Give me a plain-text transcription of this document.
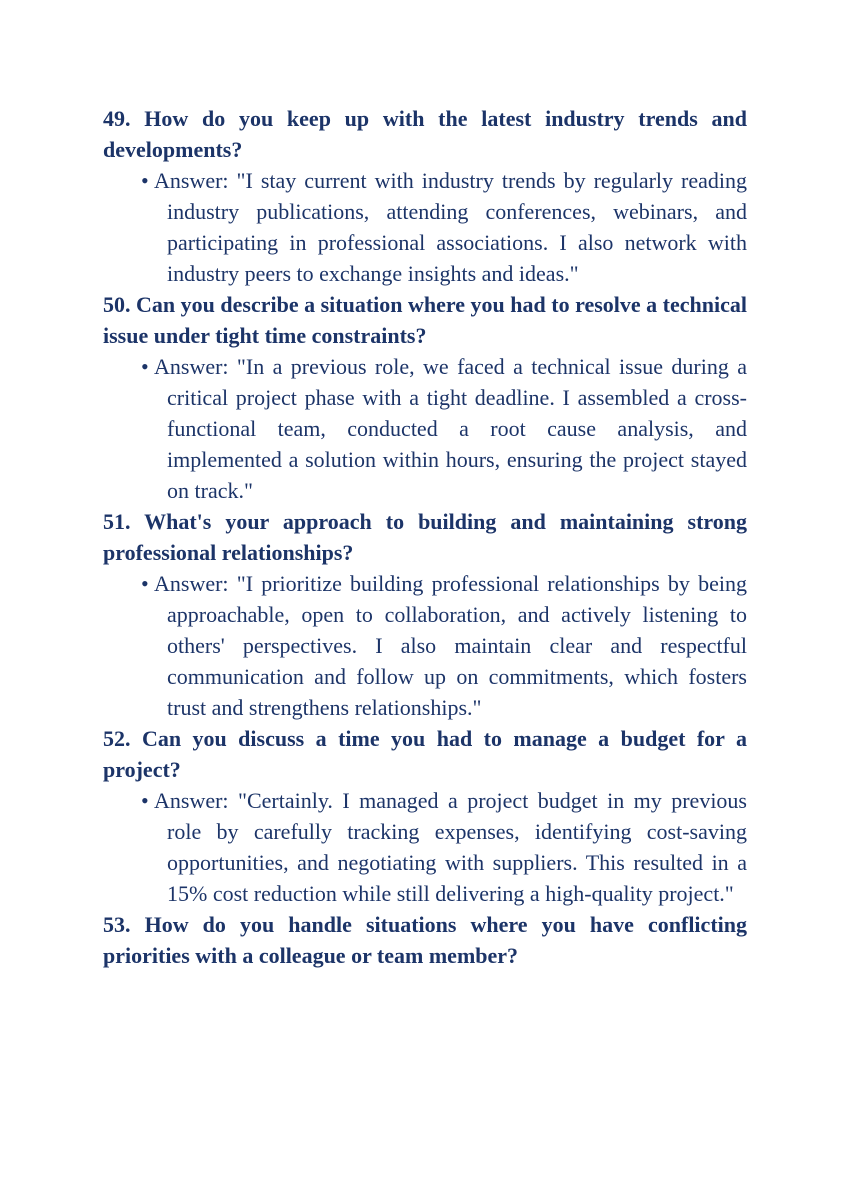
49. How do you keep up with the latest industry trends and developments?

• Answer: "I stay current with industry trends by regularly reading industry publications, attending conferences, webinars, and participating in professional associations. I also network with industry peers to exchange insights and ideas."

50. Can you describe a situation where you had to resolve a technical issue under tight time constraints?

• Answer: "In a previous role, we faced a technical issue during a critical project phase with a tight deadline. I assembled a cross-functional team, conducted a root cause analysis, and implemented a solution within hours, ensuring the project stayed on track."

51. What's your approach to building and maintaining strong professional relationships?

• Answer: "I prioritize building professional relationships by being approachable, open to collaboration, and actively listening to others' perspectives. I also maintain clear and respectful communication and follow up on commitments, which fosters trust and strengthens relationships."

52. Can you discuss a time you had to manage a budget for a project?

• Answer: "Certainly. I managed a project budget in my previous role by carefully tracking expenses, identifying cost-saving opportunities, and negotiating with suppliers. This resulted in a 15% cost reduction while still delivering a high-quality project."

53. How do you handle situations where you have conflicting priorities with a colleague or team member?
